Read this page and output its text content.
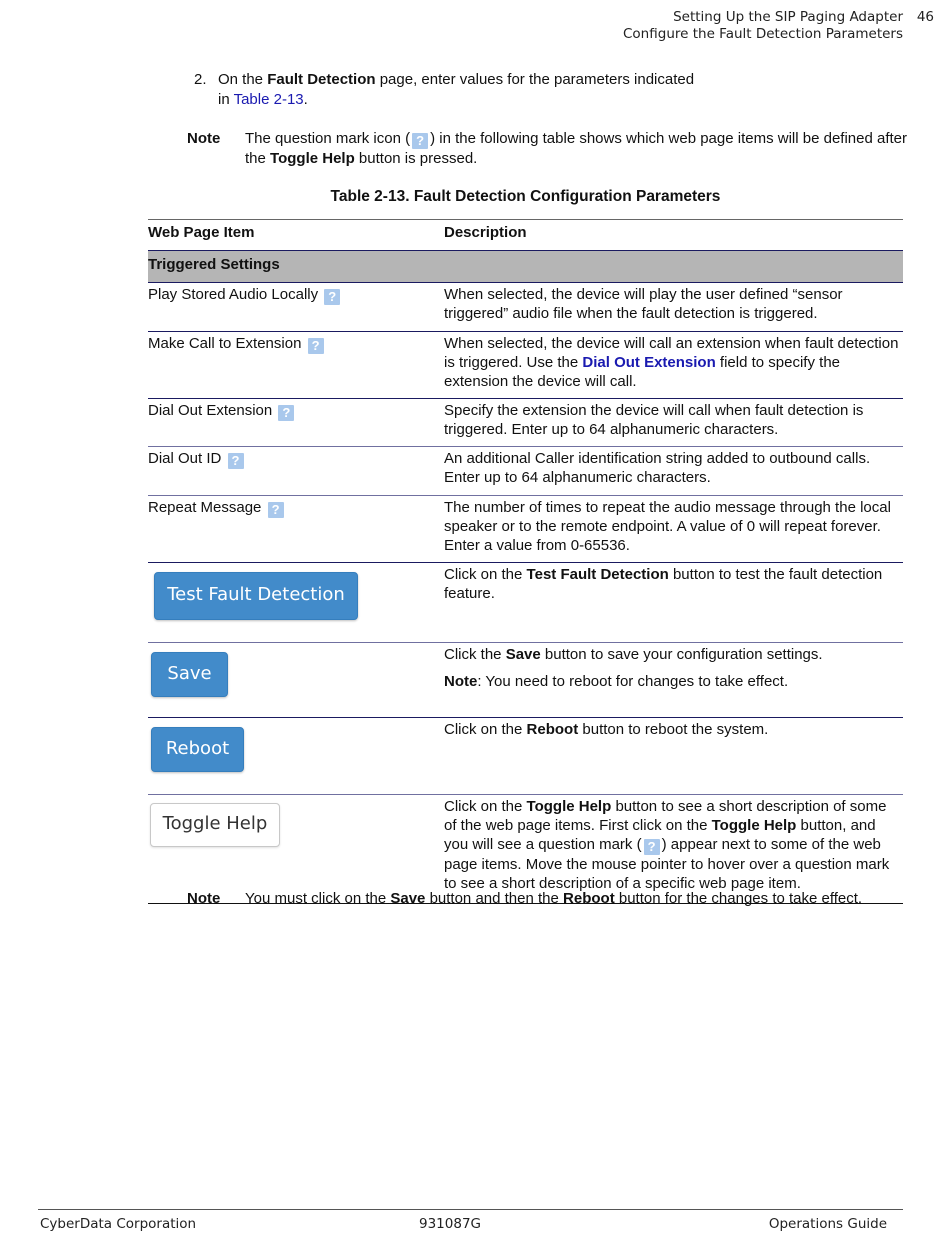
Setting Up the SIP Paging Adapter	46
Configure the Fault Detection Parameters
2. On the Fault Detection page, enter values for the parameters indicated
in Table 2-13.
Note The question mark icon ( ? ) in the following table shows which web page items will be defined after the Toggle Help button is pressed.
Table 2-13. Fault Detection Configuration Parameters
Web Page Item	Description
Triggered Settings	
Play Stored Audio Locally ?	When selected, the device will play the user defined “sensor triggered” audio file when the fault detection is triggered.
Make Call to Extension ?	When selected, the device will call an extension when fault detection is triggered. Use the Dial Out Extension field to specify the extension the device will call.
Dial Out Extension ?	Specify the extension the device will call when fault detection is triggered. Enter up to 64 alphanumeric characters.
Dial Out ID ?	An additional Caller identification string added to outbound calls. Enter up to 64 alphanumeric characters.
Repeat Message ?	The number of times to repeat the audio message through the local speaker or to the remote endpoint. A value of 0 will repeat forever. Enter a value from 0-65536.
Test Fault Detection	Click on the Test Fault Detection button to test the fault detection feature.
Save	Click the Save button to save your configuration settings.
Note: You need to reboot for changes to take effect.

Reboot	Click on the Reboot button to reboot the system.
Toggle Help	Click on the Toggle Help button to see a short description of some of the web page items. First click on the Toggle Help button, and you will see a question mark ( ? ) appear next to some of the web page items. Move the mouse pointer to hover over a question mark to see a short description of a specific web page item.
Note You must click on the Save button and then the Reboot button for the changes to take effect.
CyberData Corporation	931087G	Operations Guide
